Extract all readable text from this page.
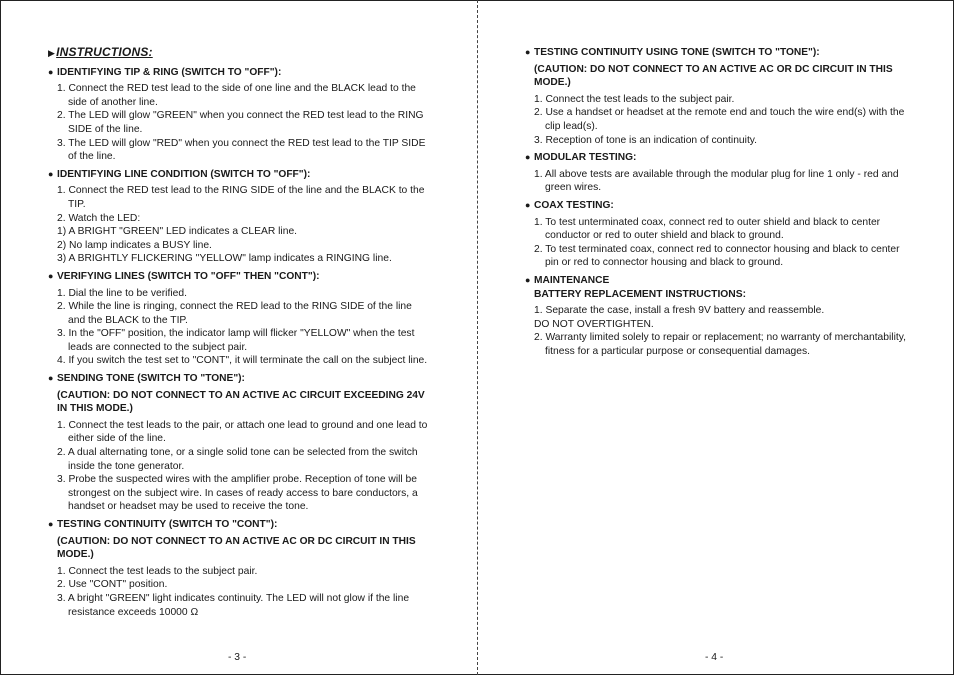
▶INSTRUCTIONS:
● IDENTIFYING TIP & RING (SWITCH TO "OFF"):
1. Connect the RED test lead to the side of one line and the BLACK lead to the side of another line.
2. The LED will glow "GREEN" when you connect the RED test lead to the RING SIDE of the line.
3. The LED will glow "RED" when you connect the RED test lead to the TIP SIDE of the line.
● IDENTIFYING LINE CONDITION (SWITCH TO "OFF"):
1. Connect the RED test lead to the RING SIDE of the line and the BLACK to the TIP.
2. Watch the LED:
1) A BRIGHT "GREEN" LED indicates a CLEAR line.
2) No lamp indicates a BUSY line.
3) A BRIGHTLY FLICKERING "YELLOW" lamp indicates a RINGING line.
● VERIFYING LINES (SWITCH TO "OFF" THEN "CONT"):
1. Dial the line to be verified.
2. While the line is ringing, connect the RED lead to the RING SIDE of the line and the BLACK to the TIP.
3. In the "OFF" position, the indicator lamp will flicker "YELLOW" when the test leads are connected to the subject pair.
4. If you switch the test set to "CONT", it will terminate the call on the subject line.
● SENDING TONE (SWITCH TO "TONE"):
(CAUTION: DO NOT CONNECT TO AN ACTIVE AC CIRCUIT EXCEEDING 24V IN THIS MODE.)
1. Connect the test leads to the pair, or attach one lead to ground and one lead to either side of the line.
2. A dual alternating tone, or a single solid tone can be selected from the switch inside the tone generator.
3. Probe the suspected wires with the amplifier probe. Reception of tone will be strongest on the subject wire. In cases of ready access to bare conductors, a handset or headset may be used to receive the tone.
● TESTING CONTINUITY (SWITCH TO "CONT"):
(CAUTION: DO NOT CONNECT TO AN ACTIVE AC OR DC CIRCUIT IN THIS MODE.)
1. Connect the test leads to the subject pair.
2. Use "CONT" position.
3. A bright "GREEN" light indicates continuity. The LED will not glow if the line resistance exceeds 10000 Ω
- 3 -
● TESTING CONTINUITY USING TONE (SWITCH TO "TONE"):
(CAUTION: DO NOT CONNECT TO AN ACTIVE AC OR DC CIRCUIT IN THIS MODE.)
1. Connect the test leads to the subject pair.
2. Use a handset or headset at the remote end and touch the wire end(s) with the clip lead(s).
3. Reception of tone is an indication of continuity.
● MODULAR TESTING:
1. All above tests are available through the modular plug for line 1 only - red and green wires.
● COAX TESTING:
1. To test unterminated coax, connect red to outer shield and black to center conductor or red to outer shield and black to ground.
2. To test terminated coax, connect red to connector housing and black to center pin or red to connector housing and black to ground.
● MAINTENANCE
BATTERY REPLACEMENT INSTRUCTIONS:
1. Separate the case, install a fresh 9V battery and reassemble.
DO NOT OVERTIGHTEN.
2. Warranty limited solely to repair or replacement; no warranty of merchantability, fitness for a particular purpose or consequential damages.
- 4 -
